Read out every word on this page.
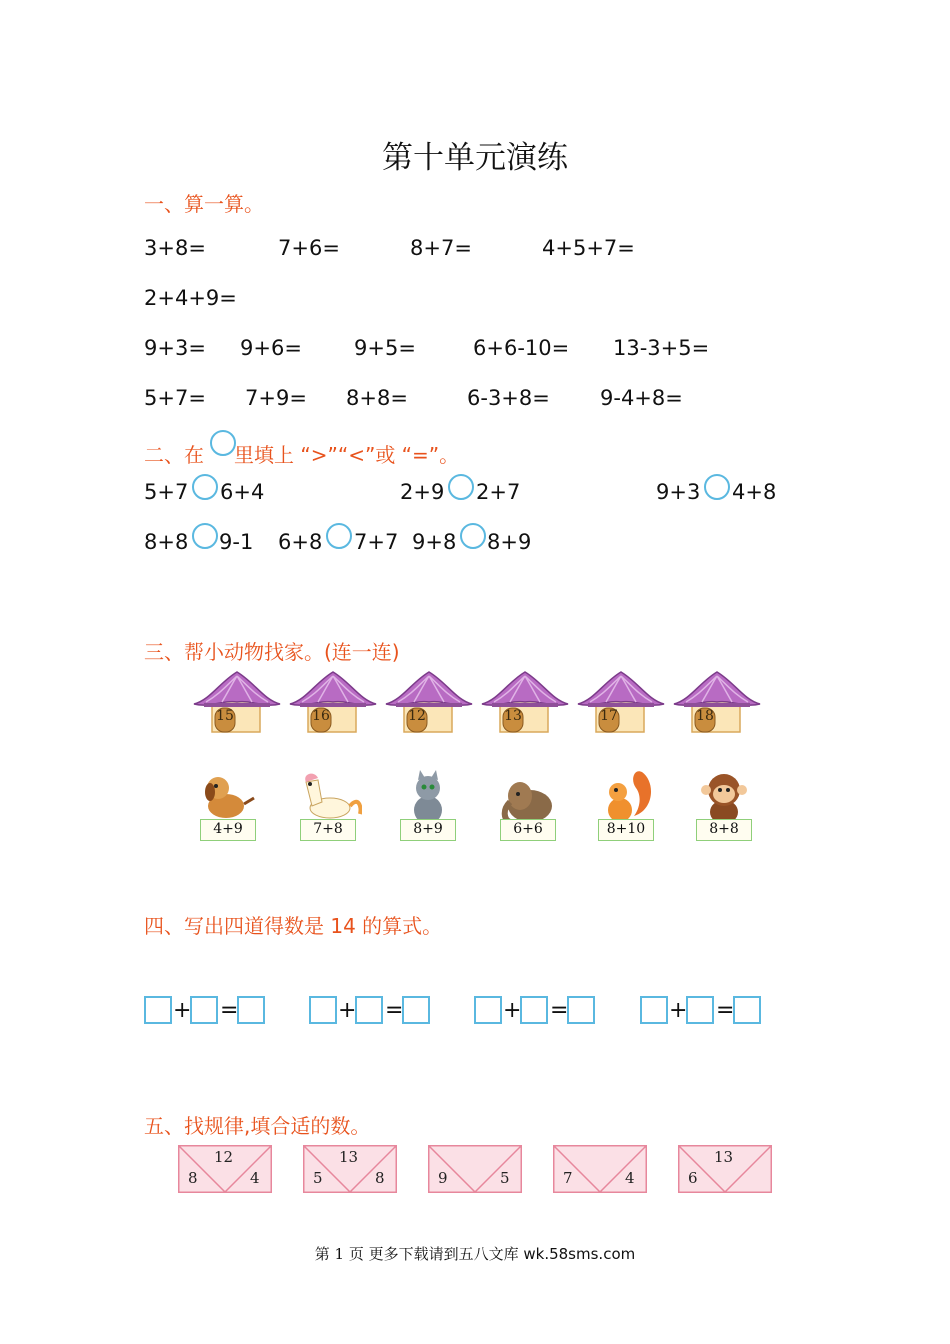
第十单元演练
一、算一算。
3+8=	7+6=	8+7=	4+5+7=
2+4+9=
9+3= 9+6= 9+5=	6+6-10= 13-3+5=
5+7= 7+9= 8+8=	6-3+8= 9-4+8=
二、在 里填上 “>”“<”或 “=”。
5+7 6+4	2+9 2+7	9+3 4+8
8+8 9-1 6+8 7+7 9+8 8+9
三、帮小动物找家。(连一连)
15	16	12	13	17	18
4+9	7+8	8+9	6+6	8+10	8+8
四、写出四道得数是 14 的算式。
+ =	+ =	+ =	+ =
五、找规律,填合适的数。
12
8	4
13
5	8	9	5	7	4
13
6
第 1 页 更多下载请到五八文库 wk.58sms.com
